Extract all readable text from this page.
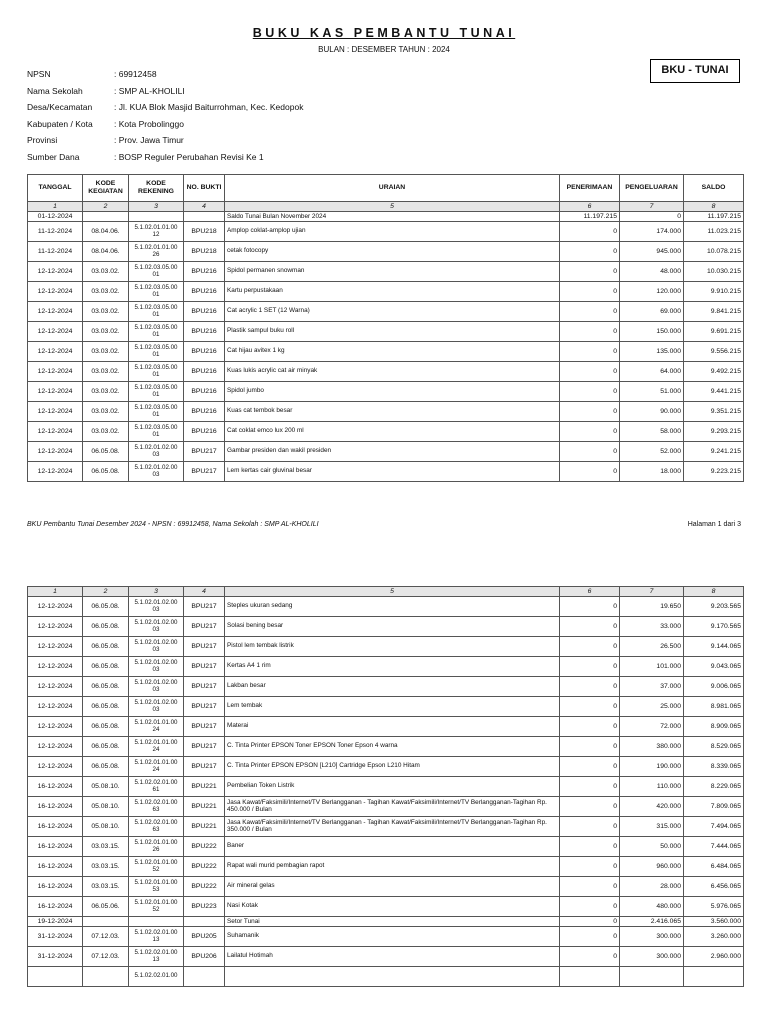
BUKU KAS PEMBANTU TUNAI
BULAN : DESEMBER TAHUN : 2024
BKU - TUNAI
NPSN	: 69912458
Nama Sekolah	: SMP AL-KHOLILI
Desa/Kecamatan	: Jl. KUA Blok Masjid Baiturrohman, Kec. Kedopok
Kabupaten / Kota	: Kota Probolinggo
Provinsi	: Prov. Jawa Timur
Sumber Dana	: BOSP Reguler Perubahan Revisi Ke 1
TANGGAL	KODE KEGIATAN	KODE REKENING	NO. BUKTI	URAIAN	PENERIMAAN	PENGELUARAN	SALDO
1	2	3	4	5	6	7	8
01-12-2024				Saldo Tunai Bulan November 2024	11.197.215	0	11.197.215
11-12-2024	08.04.06.	5.1.02.01.01.00 12	BPU218	Amplop coklat-amplop ujian	0	174.000	11.023.215
11-12-2024	08.04.06.	5.1.02.01.01.00 26	BPU218	cetak fotocopy	0	945.000	10.078.215
12-12-2024	03.03.02.	5.1.02.03.05.00 01	BPU216	Spidol permanen snowman	0	48.000	10.030.215
12-12-2024	03.03.02.	5.1.02.03.05.00 01	BPU216	Kartu perpustakaan	0	120.000	9.910.215
12-12-2024	03.03.02.	5.1.02.03.05.00 01	BPU216	Cat acrylic 1 SET (12 Warna)	0	69.000	9.841.215
12-12-2024	03.03.02.	5.1.02.03.05.00 01	BPU216	Plastik sampul buku roll	0	150.000	9.691.215
12-12-2024	03.03.02.	5.1.02.03.05.00 01	BPU216	Cat hijau avitex 1 kg	0	135.000	9.556.215
12-12-2024	03.03.02.	5.1.02.03.05.00 01	BPU216	Kuas lukis acrylic cat air minyak	0	64.000	9.492.215
12-12-2024	03.03.02.	5.1.02.03.05.00 01	BPU216	Spidol jumbo	0	51.000	9.441.215
12-12-2024	03.03.02.	5.1.02.03.05.00 01	BPU216	Kuas cat tembok besar	0	90.000	9.351.215
12-12-2024	03.03.02.	5.1.02.03.05.00 01	BPU216	Cat coklat emco lux 200 ml	0	58.000	9.293.215
12-12-2024	06.05.08.	5.1.02.01.02.00 03	BPU217	Gambar presiden dan wakil presiden	0	52.000	9.241.215
12-12-2024	06.05.08.	5.1.02.01.02.00 03	BPU217	Lem kertas cair gluvinal besar	0	18.000	9.223.215
BKU Pembantu Tunai Desember 2024 - NPSN : 69912458, Nama Sekolah : SMP AL-KHOLILI	Halaman 1 dari 3
1	2	3	4	5	6	7	8
12-12-2024	06.05.08.	5.1.02.01.02.00 03	BPU217	Steples ukuran sedang	0	19.650	9.203.565
12-12-2024	06.05.08.	5.1.02.01.02.00 03	BPU217	Solasi bening besar	0	33.000	9.170.565
12-12-2024	06.05.08.	5.1.02.01.02.00 03	BPU217	Pistol lem tembak listrik	0	26.500	9.144.065
12-12-2024	06.05.08.	5.1.02.01.02.00 03	BPU217	Kertas A4 1 rim	0	101.000	9.043.065
12-12-2024	06.05.08.	5.1.02.01.02.00 03	BPU217	Lakban besar	0	37.000	9.006.065
12-12-2024	06.05.08.	5.1.02.01.02.00 03	BPU217	Lem tembak	0	25.000	8.981.065
12-12-2024	06.05.08.	5.1.02.01.01.00 24	BPU217	Materai	0	72.000	8.909.065
12-12-2024	06.05.08.	5.1.02.01.01.00 24	BPU217	C. Tinta Printer EPSON Toner EPSON Toner Epson 4 warna	0	380.000	8.529.065
12-12-2024	06.05.08.	5.1.02.01.01.00 24	BPU217	C. Tinta Printer EPSON EPSON [L210] Cartridge Epson L210 Hitam	0	190.000	8.339.065
16-12-2024	05.08.10.	5.1.02.02.01.00 61	BPU221	Pembelian Token Listrik	0	110.000	8.229.065
16-12-2024	05.08.10.	5.1.02.02.01.00 63	BPU221	Jasa Kawat/Faksimili/Internet/TV Berlangganan - Tagihan Kawat/Faksimili/Internet/TV Berlangganan-Tagihan Rp. 450.000 / Bulan	0	420.000	7.809.065
16-12-2024	05.08.10.	5.1.02.02.01.00 63	BPU221	Jasa Kawat/Faksimili/Internet/TV Berlangganan - Tagihan Kawat/Faksimili/Internet/TV Berlangganan-Tagihan Rp. 350.000 / Bulan	0	315.000	7.494.065
16-12-2024	03.03.15.	5.1.02.01.01.00 26	BPU222	Baner	0	50.000	7.444.065
16-12-2024	03.03.15.	5.1.02.01.01.00 52	BPU222	Rapat wali murid pembagian rapot	0	960.000	6.484.065
16-12-2024	03.03.15.	5.1.02.01.01.00 53	BPU222	Air mineral gelas	0	28.000	6.456.065
16-12-2024	06.05.06.	5.1.02.01.01.00 52	BPU223	Nasi Kotak	0	480.000	5.976.065
19-12-2024				Setor Tunai	0	2.416.065	3.560.000
31-12-2024	07.12.03.	5.1.02.02.01.00 13	BPU205	Suhamanik	0	300.000	3.260.000
31-12-2024	07.12.03.	5.1.02.02.01.00 13	BPU206	Lailatul Hotimah	0	300.000	2.960.000
		5.1.02.02.01.00					
